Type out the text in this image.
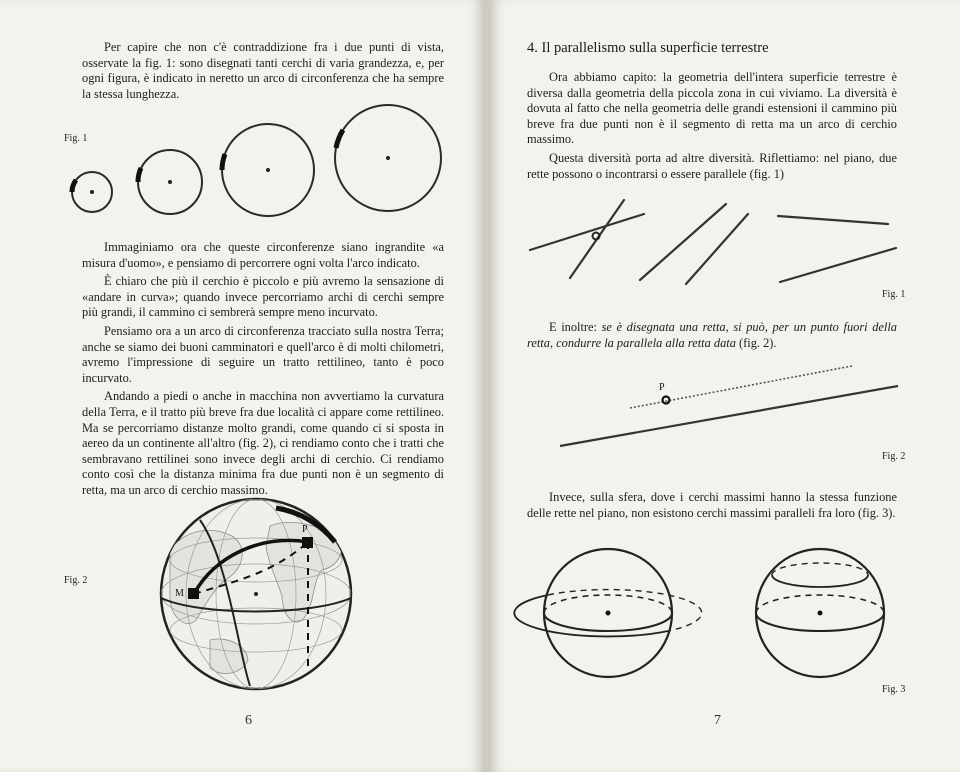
Per capire che non c'è contraddizione fra i due punti di vista, osservate la fig. 1: sono disegnati tanti cerchi di varia grandezza, e, per ogni figura, è indicato in neretto un arco di circonferenza che ha sempre la stessa lunghezza.

Fig. 1

Immaginiamo ora che queste circonferenze siano ingrandite «a misura d'uomo», e pensiamo di percorrere ogni volta l'arco indicato.

È chiaro che più il cerchio è piccolo e più avremo la sensazione di «andare in curva»; quando invece percorriamo archi di cerchi sempre più grandi, il cammino ci sembrerà sempre meno incurvato.

Pensiamo ora a un arco di circonferenza tracciato sulla nostra Terra; anche se siamo dei buoni camminatori e quell'arco è di molti chilometri, avremo l'impressione di seguire un tratto rettilineo, tanto è poco incurvato.

Andando a piedi o anche in macchina non avvertiamo la curvatura della Terra, e il tratto più breve fra due località ci appare come rettilineo. Ma se percorriamo distanze molto grandi, come quando ci si sposta in aereo da un continente all'altro (fig. 2), ci rendiamo conto che i tratti che sembravano rettilinei sono invece degli archi di cerchio. Ci rendiamo conto così che la distanza minima fra due punti non è un segmento di retta, ma un arco di cerchio massimo.

Fig. 2
M
P
6
4. Il parallelismo sulla superficie terrestre

Ora abbiamo capito: la geometria dell'intera superficie terrestre è diversa dalla geometria della piccola zona in cui viviamo. La diversità è dovuta al fatto che nella geometria delle grandi estensioni il cammino più breve fra due punti non è il segmento di retta ma un arco di cerchio massimo.

Questa diversità porta ad altre diversità. Riflettiamo: nel piano, due rette possono o incontrarsi o essere parallele (fig. 1)

Fig. 1

E inoltre: se è disegnata una retta, si può, per un punto fuori della retta, condurre la parallela alla retta data (fig. 2).

P
Fig. 2

Invece, sulla sfera, dove i cerchi massimi hanno la stessa funzione delle rette nel piano, non esistono cerchi massimi paralleli fra loro (fig. 3).

Fig. 3
7
